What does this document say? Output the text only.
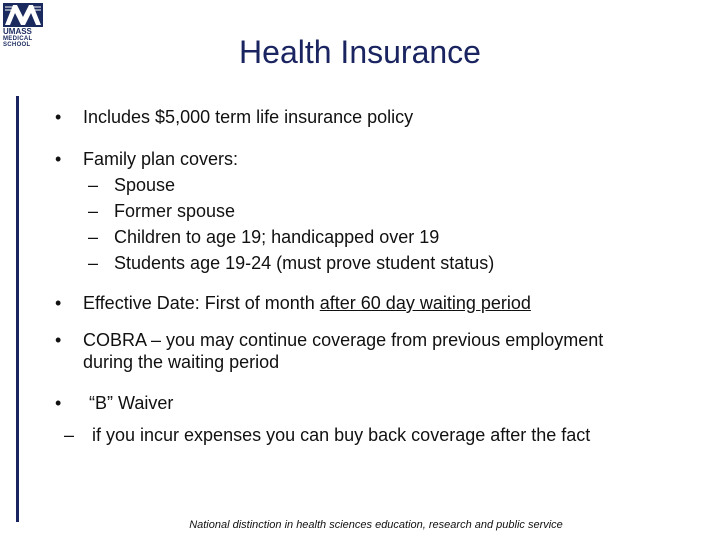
UMASS
MEDICAL
SCHOOL	Health Insurance
• Includes $5,000 term life insurance policy
• Family plan covers:
– Spouse
– Former spouse
– Children to age 19; handicapped over 19
– Students age 19-24 (must prove student status)
• Effective Date: First of month after 60 day waiting period
• COBRA – you may continue coverage from previous employment
during the waiting period
• “B” Waiver
– if you incur expenses you can buy back coverage after the fact
National distinction in health sciences education, research and public service
